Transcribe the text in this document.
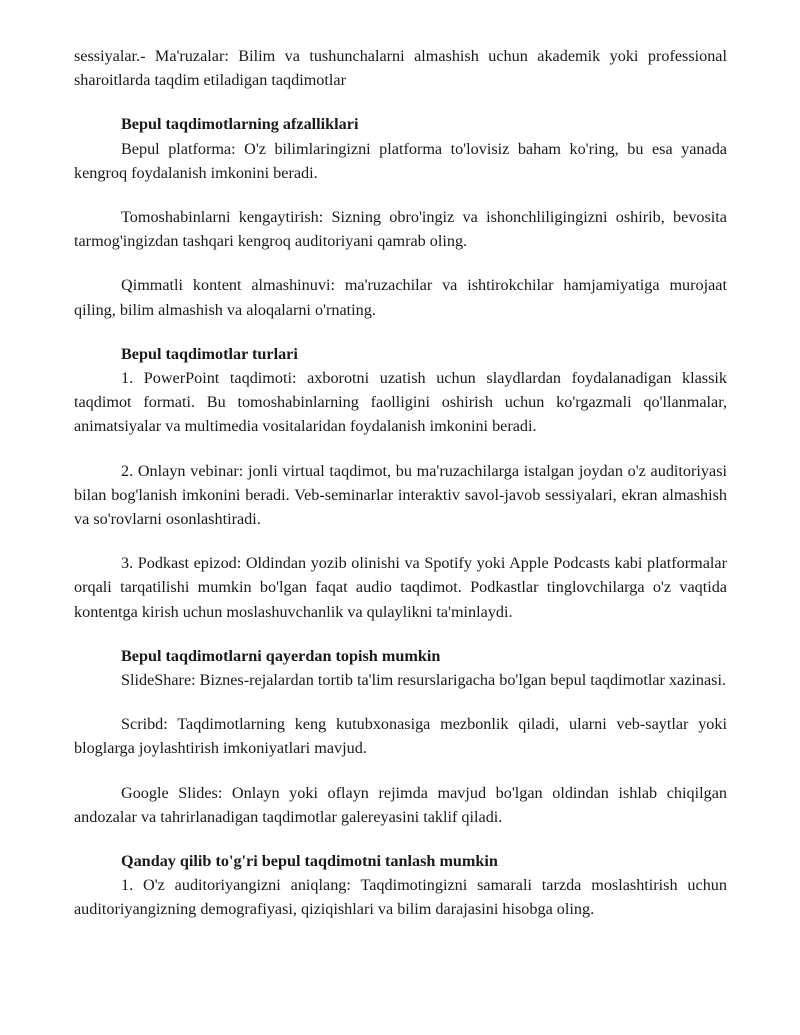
sessiyalar.- Ma'ruzalar: Bilim va tushunchalarni almashish uchun akademik yoki professional sharoitlarda taqdim etiladigan taqdimotlar

Bepul taqdimotlarning afzalliklari

Bepul platforma: O'z bilimlaringizni platforma to'lovisiz baham ko'ring, bu esa yanada kengroq foydalanish imkonini beradi.

Tomoshabinlarni kengaytirish: Sizning obro'ingiz va ishonchliligingizni oshirib, bevosita tarmog'ingizdan tashqari kengroq auditoriyani qamrab oling.

Qimmatli kontent almashinuvi: ma'ruzachilar va ishtirokchilar hamjamiyatiga murojaat qiling, bilim almashish va aloqalarni o'rnating.

Bepul taqdimotlar turlari

1. PowerPoint taqdimoti: axborotni uzatish uchun slaydlardan foydalanadigan klassik taqdimot formati. Bu tomoshabinlarning faolligini oshirish uchun ko'rgazmali qo'llanmalar, animatsiyalar va multimedia vositalaridan foydalanish imkonini beradi.

2. Onlayn vebinar: jonli virtual taqdimot, bu ma'ruzachilarga istalgan joydan o'z auditoriyasi bilan bog'lanish imkonini beradi. Veb-seminarlar interaktiv savol-javob sessiyalari, ekran almashish va so'rovlarni osonlashtiradi.

3. Podkast epizod: Oldindan yozib olinishi va Spotify yoki Apple Podcasts kabi platformalar orqali tarqatilishi mumkin bo'lgan faqat audio taqdimot. Podkastlar tinglovchilarga o'z vaqtida kontentga kirish uchun moslashuvchanlik va qulaylikni ta'minlaydi.

Bepul taqdimotlarni qayerdan topish mumkin

SlideShare: Biznes-rejalardan tortib ta'lim resurslarigacha bo'lgan bepul taqdimotlar xazinasi.

Scribd: Taqdimotlarning keng kutubxonasiga mezbonlik qiladi, ularni veb-saytlar yoki bloglarga joylashtirish imkoniyatlari mavjud.

Google Slides: Onlayn yoki oflayn rejimda mavjud bo'lgan oldindan ishlab chiqilgan andozalar va tahrirlanadigan taqdimotlar galereyasini taklif qiladi.

Qanday qilib to'g'ri bepul taqdimotni tanlash mumkin

1. O'z auditoriyangizni aniqlang: Taqdimotingizni samarali tarzda moslashtirish uchun auditoriyangizning demografiyasi, qiziqishlari va bilim darajasini hisobga oling.
